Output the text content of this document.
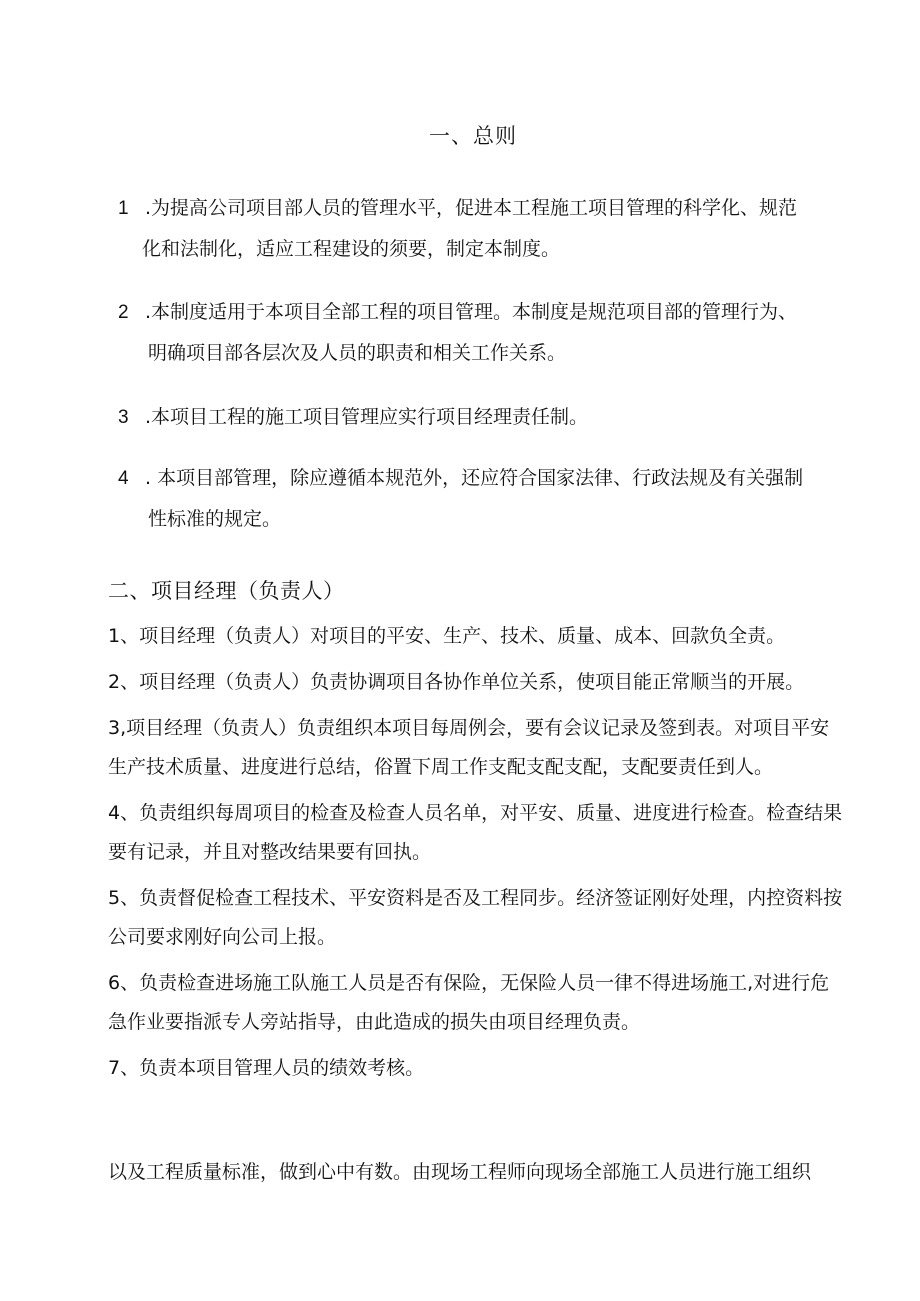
一、总则
1 .为提高公司项目部人员的管理水平，促进本工程施工项目管理的科学化、规范
化和法制化，适应工程建设的须要，制定本制度。
2 .本制度适用于本项目全部工程的项目管理。本制度是规范项目部的管理行为、
明确项目部各层次及人员的职责和相关工作关系。
3 .本项目工程的施工项目管理应实行项目经理责任制。
4 . 本项目部管理，除应遵循本规范外，还应符合国家法律、行政法规及有关强制
性标准的规定。
二、项目经理（负责人）

1、项目经理（负责人）对项目的平安、生产、技术、质量、成本、回款负全责。

2、项目经理（负责人）负责协调项目各协作单位关系，使项目能正常顺当的开展。

3,项目经理（负责人）负责组织本项目每周例会，要有会议记录及签到表。对项目平安生产技术质量、进度进行总结，俗置下周工作支配支配支配，支配要责任到人。

4、负责组织每周项目的检查及检查人员名单，对平安、质量、进度进行检查。检查结果要有记录，并且对整改结果要有回执。

5、负责督促检查工程技术、平安资料是否及工程同步。经济签证刚好处理，内控资料按公司要求刚好向公司上报。

6、负责检查进场施工队施工人员是否有保险，无保险人员一律不得进场施工,对进行危急作业要指派专人旁站指导，由此造成的损失由项目经理负责。

7、负责本项目管理人员的绩效考核。

以及工程质量标准，做到心中有数。由现场工程师向现场全部施工人员进行施工组织
